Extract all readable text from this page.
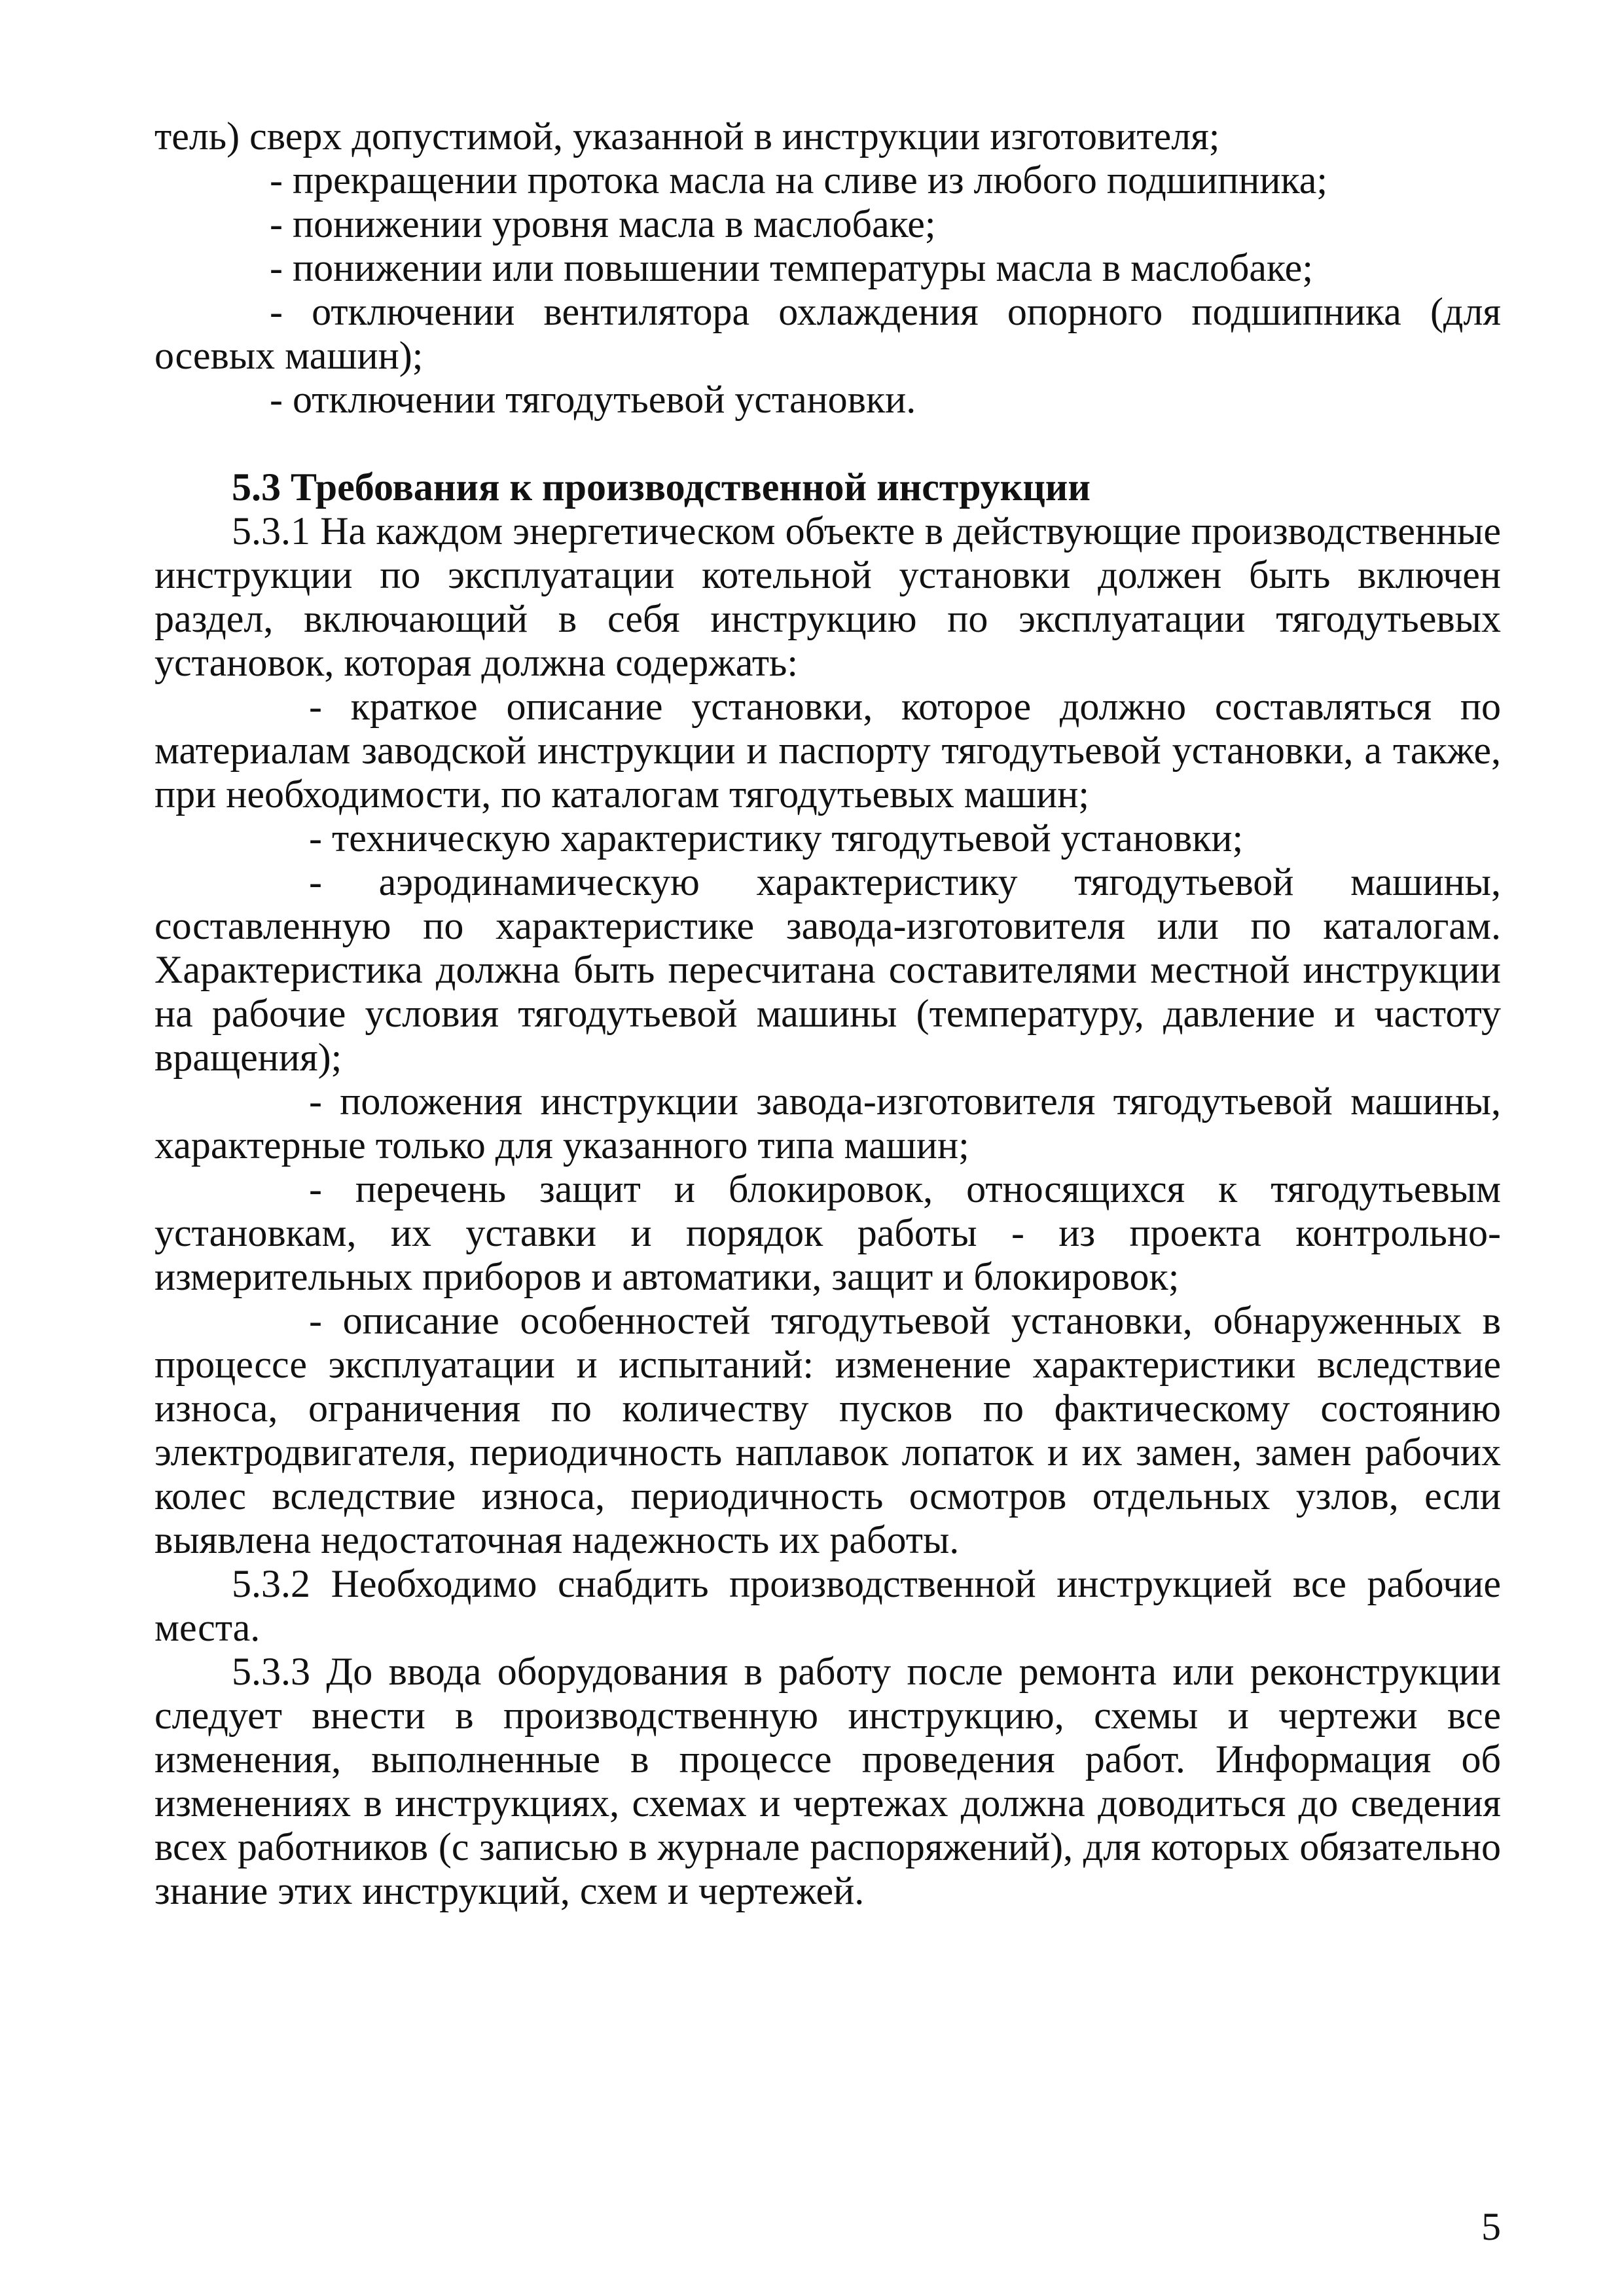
тель) сверх допустимой, указанной в инструкции изготовителя;

- прекращении протока масла на сливе из любого подшипника;

- понижении уровня масла в маслобаке;

- понижении или повышении температуры масла в маслобаке;

- отключении вентилятора охлаждения опорного подшипника (для осевых машин);

- отключении тягодутьевой установки.

5.3 Требования к производственной инструкции

5.3.1 На каждом энергетическом объекте в действующие производственные инструкции по эксплуатации котельной установки должен быть включен раздел, включающий в себя инструкцию по эксплуатации тягодутьевых установок, которая должна содержать:

- краткое описание установки, которое должно составляться по материалам заводской инструкции и паспорту тягодутьевой установки, а также, при необходимости, по каталогам тягодутьевых машин;

- техническую характеристику тягодутьевой установки;

- аэродинамическую характеристику тягодутьевой машины, составленную по характеристике завода-изготовителя или по каталогам. Характеристика должна быть пересчитана составителями местной инструкции на рабочие условия тягодутьевой машины (температуру, давление и частоту вращения);

- положения инструкции завода-изготовителя тягодутьевой машины, характерные только для указанного типа машин;

- перечень защит и блокировок, относящихся к тягодутьевым установкам, их уставки и порядок работы - из проекта контрольно-измерительных приборов и автоматики, защит и блокировок;

- описание особенностей тягодутьевой установки, обнаруженных в процессе эксплуатации и испытаний: изменение характеристики вследствие износа, ограничения по количеству пусков по фактическому состоянию электродвигателя, периодичность наплавок лопаток и их замен, замен рабочих колес вследствие износа, периодичность осмотров отдельных узлов, если выявлена недостаточная надежность их работы.

5.3.2 Необходимо снабдить производственной инструкцией все рабочие места.

5.3.3 До ввода оборудования в работу после ремонта или реконструкции следует внести в производственную инструкцию, схемы и чертежи все изменения, выполненные в процессе проведения работ. Информация об изменениях в инструкциях, схемах и чертежах должна доводиться до сведения всех работников (с записью в журнале распоряжений), для которых обязательно знание этих инструкций, схем и чертежей.

5
